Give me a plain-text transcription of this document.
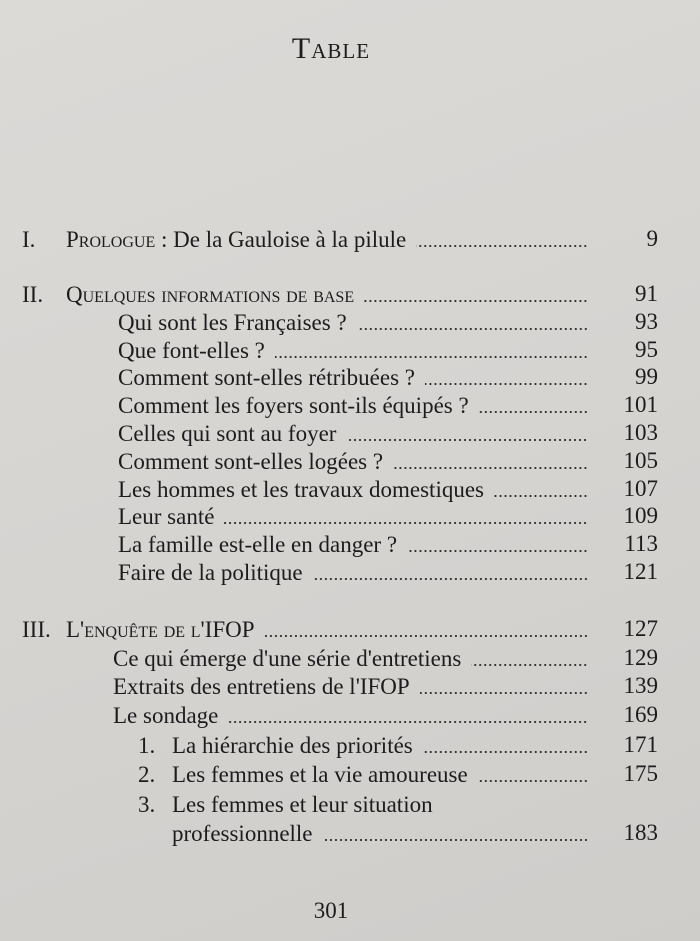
Table
I. Prologue : De la Gauloise à la pilule	9
II. Quelques informations de base	91
Qui sont les Françaises ?	93
Que font-elles ?	95
Comment sont-elles rétribuées ?	99
Comment les foyers sont-ils équipés ?	101
Celles qui sont au foyer	103
Comment sont-elles logées ?	105
Les hommes et les travaux domestiques	107
Leur santé	109
La famille est-elle en danger ?	113
Faire de la politique	121
III. L'enquête de l'IFOP	127
Ce qui émerge d'une série d'entretiens	129
Extraits des entretiens de l'IFOP	139
Le sondage	169
1. La hiérarchie des priorités	171
2. Les femmes et la vie amoureuse	175
3. Les femmes et leur situation
professionnelle	183
301
